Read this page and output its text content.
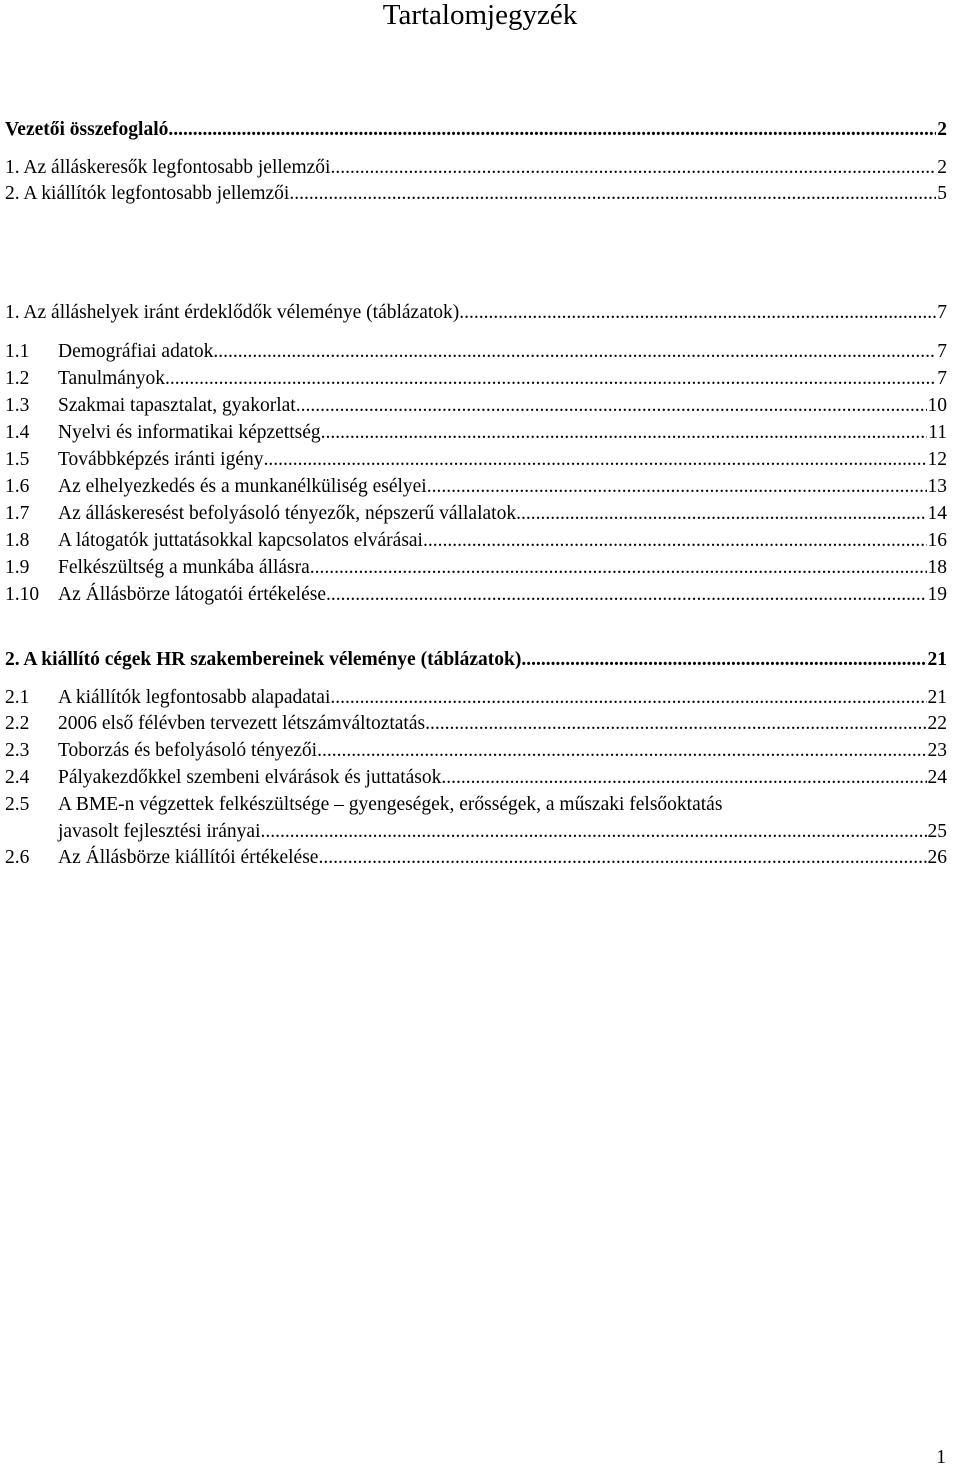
Tartalomjegyzék
Vezetői összefoglaló .....	2
1. Az álláskeresők legfontosabb jellemzői .....	2
2. A kiállítók legfontosabb jellemzői .....	5
1. Az álláshelyek iránt érdeklődők véleménye (táblázatok) .....	7
1.1	Demográfiai adatok .....	7
1.2	Tanulmányok .....	7
1.3	Szakmai tapasztalat, gyakorlat .....	10
1.4	Nyelvi és informatikai képzettség .....	11
1.5	Továbbképzés iránti igény .....	12
1.6	Az elhelyezkedés és a munkanélküliség esélyei .....	13
1.7	Az álláskeresést befolyásoló tényezők, népszerű vállalatok .....	14
1.8	A látogatók juttatásokkal kapcsolatos elvárásai .....	16
1.9	Felkészültség a munkába állásra .....	18
1.10 Az Állásbörze látogatói értékelése .....	19
2. A kiállító cégek HR szakembereinek véleménye (táblázatok) .....	21
2.1	A kiállítók legfontosabb alapadatai .....	21
2.2	2006 első félévben tervezett létszámváltoztatás .....	22
2.3	Toborzás és befolyásoló tényezői .....	23
2.4	Pályakezdőkkel szembeni elvárások és juttatások .....	24
2.5	A BME-n végzettek felkészültsége – gyengeségek, erősségek, a műszaki felsőoktatás
javasolt fejlesztési irányai .....	25
2.6	Az Állásbörze kiállítói értékelése .....	26
1
